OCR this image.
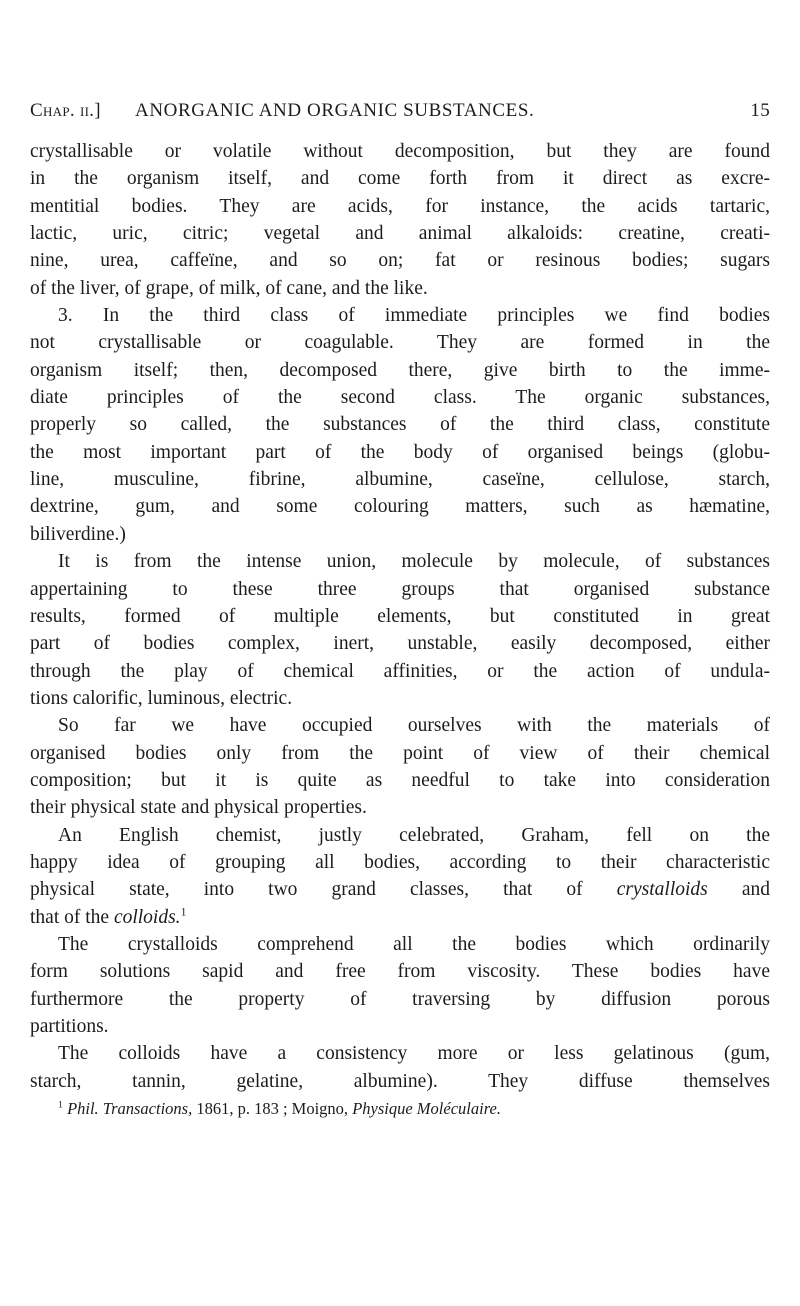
Chap. ii.] ANORGANIC AND ORGANIC SUBSTANCES.	15
crystallisable or volatile without decomposition, but they are found
in the organism itself, and come forth from it direct as excre-
mentitial bodies. They are acids, for instance, the acids tartaric,
lactic, uric, citric; vegetal and animal alkaloids: creatine, creati-
nine, urea, caffeïne, and so on; fat or resinous bodies; sugars
of the liver, of grape, of milk, of cane, and the like.
3. In the third class of immediate principles we find bodies
not crystallisable or coagulable. They are formed in the
organism itself; then, decomposed there, give birth to the imme-
diate principles of the second class. The organic substances,
properly so called, the substances of the third class, constitute
the most important part of the body of organised beings (globu-
line, musculine, fibrine, albumine, caseïne, cellulose, starch,
dextrine, gum, and some colouring matters, such as hæmatine,
biliverdine.)
It is from the intense union, molecule by molecule, of substances
appertaining to these three groups that organised substance
results, formed of multiple elements, but constituted in great
part of bodies complex, inert, unstable, easily decomposed, either
through the play of chemical affinities, or the action of undula-
tions calorific, luminous, electric.
So far we have occupied ourselves with the materials of
organised bodies only from the point of view of their chemical
composition; but it is quite as needful to take into consideration
their physical state and physical properties.
An English chemist, justly celebrated, Graham, fell on the
happy idea of grouping all bodies, according to their characteristic
physical state, into two grand classes, that of crystalloids and
that of the colloids.$^1$
The crystalloids comprehend all the bodies which ordinarily
form solutions sapid and free from viscosity. These bodies have
furthermore the property of traversing by diffusion porous
partitions.
The colloids have a consistency more or less gelatinous (gum,
starch, tannin, gelatine, albumine). They diffuse themselves
$^1$ Phil. Transactions, 1861, p. 183 ; Moigno, Physique Moléculaire.
